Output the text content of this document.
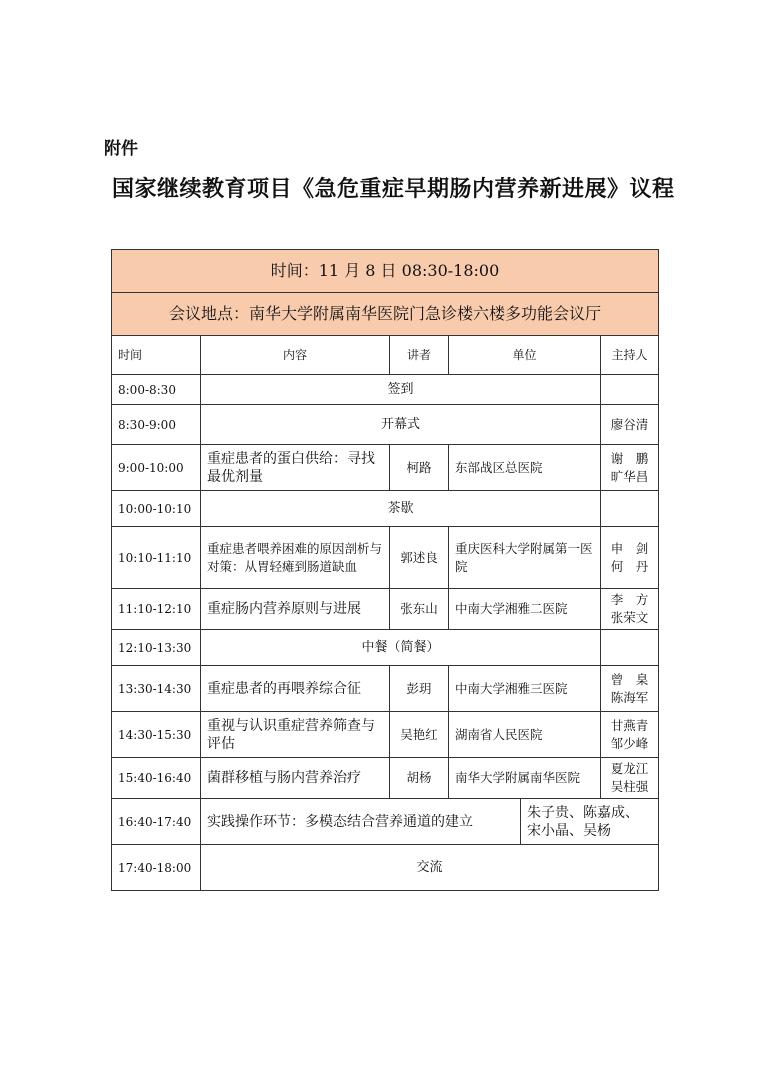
附件
国家继续教育项目《急危重症早期肠内营养新进展》议程
时间：11 月 8 日 08:30-18:00					
会议地点：南华大学附属南华医院门急诊楼六楼多功能会议厅					
时间	内容	讲者	单位		主持人
8:00-8:30	签到				
8:30-9:00	开幕式				廖谷清
9:00-10:00	重症患者的蛋白供给：寻找最优剂量	柯路	东部战区总医院		谢　鹏
旷华昌

10:00-10:10	茶歇				
10:10-11:10	重症患者喂养困难的原因剖析与对策：从胃轻瘫到肠道缺血	郭述良	重庆医科大学附属第一医院		申　剑
何　丹

11:10-12:10	重症肠内营养原则与进展	张东山	中南大学湘雅二医院		李　方
张荣文

12:10-13:30	中餐（简餐）				
13:30-14:30	重症患者的再喂养综合征	彭玥	中南大学湘雅三医院		曾　臬
陈海军

14:30-15:30	重视与认识重症营养筛查与评估	吴艳红	湖南省人民医院		甘燕青
邹少峰

15:40-16:40	菌群移植与肠内营养治疗	胡杨	南华大学附属南华医院		夏龙江
吴柱强

16:40-17:40	实践操作环节：多模态结合营养通道的建立			朱子贵、陈嘉成、宋小晶、吴杨	
17:40-18:00	交流				
